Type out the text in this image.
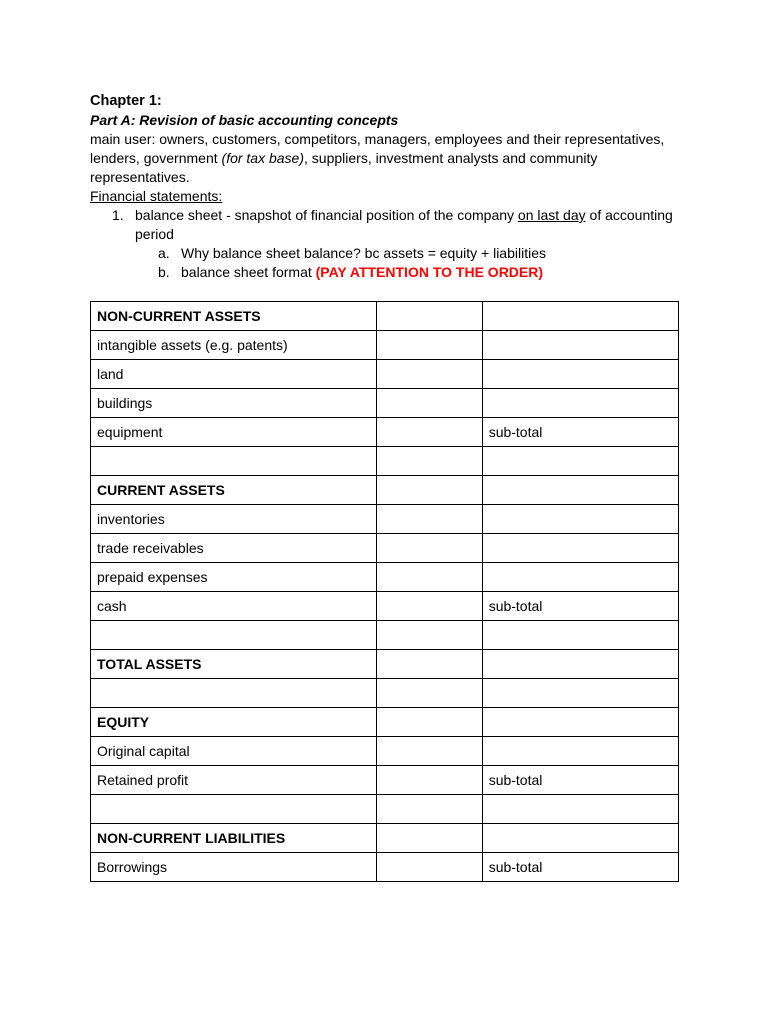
Chapter 1:

Part A: Revision of basic accounting concepts

main user: owners, customers, competitors, managers, employees and their representatives,

lenders, government (for tax base), suppliers, investment analysts and community

representatives.

Financial statements:

1. balance sheet - snapshot of financial position of the company on last day of accounting
period
a. Why balance sheet balance? bc assets = equity + liabilities
b. balance sheet format (PAY ATTENTION TO THE ORDER)
NON-CURRENT ASSETS		
intangible assets (e.g. patents)		
land		
buildings		
equipment		sub-total

CURRENT ASSETS		
inventories		
trade receivables		
prepaid expenses		
cash		sub-total

TOTAL ASSETS		

EQUITY		
Original capital		
Retained profit		sub-total

NON-CURRENT LIABILITIES		
Borrowings		sub-total
